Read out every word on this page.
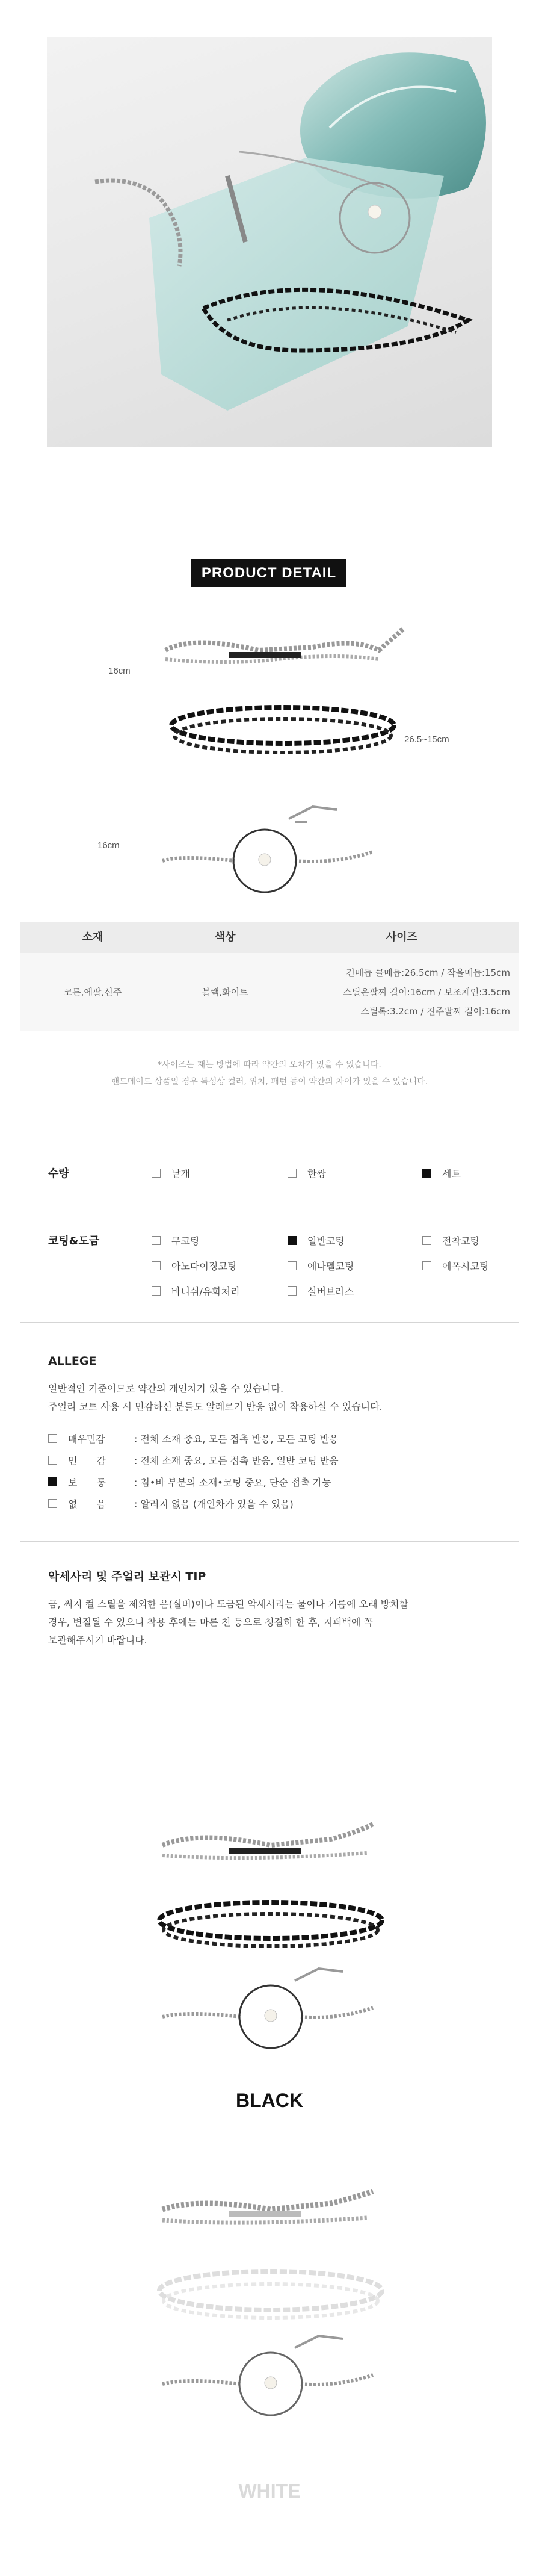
PRODUCT DETAIL
16cm
26.5~15cm
16cm
소재	색상	사이즈
코튼,에팔,신주	블랙,화이트
긴매듭 클매듭:26.5cm / 작을매듭:15cm
스틸은팔찌 길이:16cm / 보조체인:3.5cm
스틸록:3.2cm / 진주팔찌 길이:16cm
*사이즈는 재는 방법에 따라 약간의 오차가 있을 수 있습니다.
핸드메이드 상품일 경우 특성상 컬러, 위치, 패턴 등이 약간의 차이가 있을 수 있습니다.
수량	낱개	한쌍	세트
코팅&도금	무코팅	일반코팅	전착코팅
아노다이징코팅	에나멜코팅	에폭시코팅
바니쉬/유화처리	실버브라스
ALLEGE
일반적인 기준이므로 약간의 개인차가 있을 수 있습니다.
주얼리 코트 사용 시 민감하신 분들도 알레르기 반응 없이 착용하실 수 있습니다.
매우민감	: 전체 소재 중요, 모든 접촉 반응, 모든 코팅 반응
민　　감	: 전체 소재 중요, 모든 접촉 반응, 일반 코팅 반응
보　　통	: 침•바 부분의 소재•코팅 중요, 단순 접촉 가능
없　　음	: 알러지 없음 (개인차가 있을 수 있음)
악세사리 및 주얼리 보관시 TIP
금, 써지 컬 스틸을 제외한 은(실버)이나 도금된 악세서리는 물이나 기름에 오래 방치할
경우, 변질될 수 있으니 착용 후에는 마른 천 등으로 청결히 한 후, 지퍼백에 꼭
보관해주시기 바랍니다.
BLACK
WHITE
